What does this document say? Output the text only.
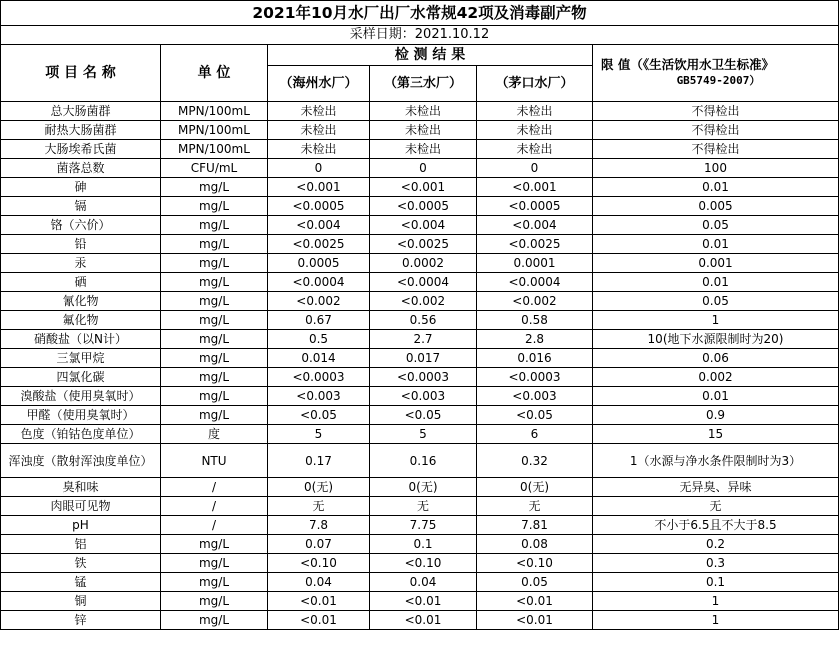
2021年10月水厂出厂水常规42项及消毒副产物					
采样日期：2021.10.12					
项 目 名 称	单 位	检 测 结 果			限 值（《生活饮用水卫生标准》
GB5749-2007）

		（海州水厂）	（第三水厂）	（茅口水厂）	
总大肠菌群	MPN/100mL	未检出	未检出	未检出	不得检出
耐热大肠菌群	MPN/100mL	未检出	未检出	未检出	不得检出
大肠埃希氏菌	MPN/100mL	未检出	未检出	未检出	不得检出
菌落总数	CFU/mL	0	0	0	100
砷	mg/L	<0.001	<0.001	<0.001	0.01
镉	mg/L	<0.0005	<0.0005	<0.0005	0.005
铬（六价）	mg/L	<0.004	<0.004	<0.004	0.05
铅	mg/L	<0.0025	<0.0025	<0.0025	0.01
汞	mg/L	0.0005	0.0002	0.0001	0.001
硒	mg/L	<0.0004	<0.0004	<0.0004	0.01
氰化物	mg/L	<0.002	<0.002	<0.002	0.05
氟化物	mg/L	0.67	0.56	0.58	1
硝酸盐（以N计）	mg/L	0.5	2.7	2.8	10(地下水源限制时为20)
三氯甲烷	mg/L	0.014	0.017	0.016	0.06
四氯化碳	mg/L	<0.0003	<0.0003	<0.0003	0.002
溴酸盐（使用臭氧时）	mg/L	<0.003	<0.003	<0.003	0.01
甲醛（使用臭氧时）	mg/L	<0.05	<0.05	<0.05	0.9
色度（铂钴色度单位）	度	5	5	6	15
浑浊度（散射浑浊度单位）	NTU	0.17	0.16	0.32	1（水源与净水条件限制时为3）
臭和味	/	0(无)	0(无)	0(无)	无异臭、异味
肉眼可见物	/	无	无	无	无
pH	/	7.8	7.75	7.81	不小于6.5且不大于8.5
铝	mg/L	0.07	0.1	0.08	0.2
铁	mg/L	<0.10	<0.10	<0.10	0.3
锰	mg/L	0.04	0.04	0.05	0.1
铜	mg/L	<0.01	<0.01	<0.01	1
锌	mg/L	<0.01	<0.01	<0.01	1
